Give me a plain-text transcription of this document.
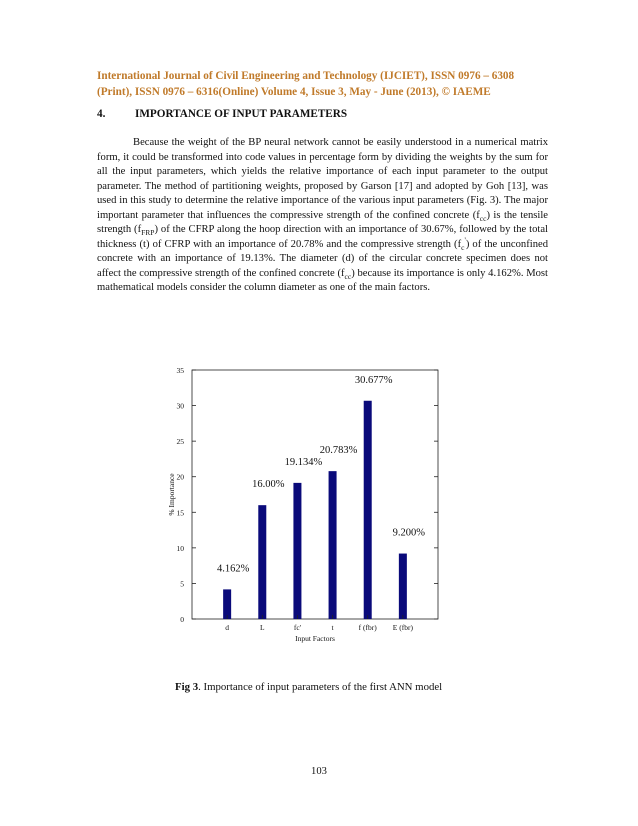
International Journal of Civil Engineering and Technology (IJCIET), ISSN 0976 – 6308
(Print), ISSN 0976 – 6316(Online) Volume 4, Issue 3, May - June (2013), © IAEME
4.	IMPORTANCE OF INPUT PARAMETERS

Because the weight of the BP neural network cannot be easily understood in a numerical matrix form, it could be transformed into code values in percentage form by dividing the weights by the sum for all the input parameters, which yields the relative importance of each input parameter to the output parameter. The method of partitioning weights, proposed by Garson [17] and adopted by Goh [13], was used in this study to determine the relative importance of the various input parameters (Fig. 3). The major important parameter that influences the compressive strength of the confined concrete $(f_{cc})$ is the tensile strength $(f_{FRP})$ of the CFRP along the hoop direction with an importance of 30.67%, followed by the total thickness (t) of CFRP with an importance of 20.78% and the compressive strength $(f_c')$ of the unconfined concrete with an importance of 19.13%. The diameter (d) of the circular concrete specimen does not affect the compressive strength of the confined concrete $(f_{cc})$ because its importance is only 4.162%. Most mathematical models consider the column diameter as one of the main factors.

0
5
10
15
20
25
30
35
d
4.162%
L
16.00%
fc'
19.134%
t
20.783%
f (fbr)
30.677%
E (fbr)
9.200%
Input Factors
% Importance
Fig 3. Importance of input parameters of the first ANN model
103
